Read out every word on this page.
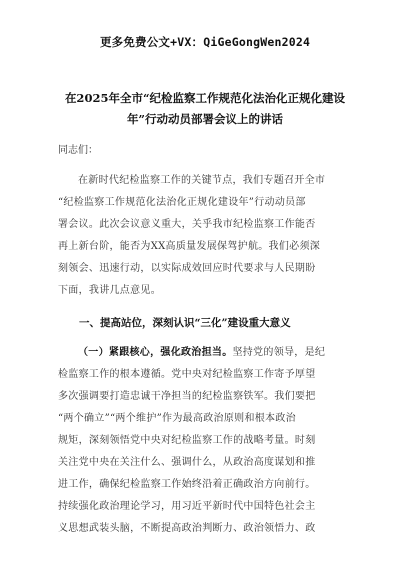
更多免费公文+VX：QiGeGongWen2024
在2025年全市“纪检监察工作规范化法治化正规化建设
年”行动动员部署会议上的讲话
同志们：
在新时代纪检监察工作的关键节点，我们专题召开全市
“纪检监察工作规范化法治化正规化建设年”行动动员部
署会议。此次会议意义重大，关乎我市纪检监察工作能否
再上新台阶，能否为XX高质量发展保驾护航。我们必须深
刻领会、迅速行动，以实际成效回应时代要求与人民期盼
下面，我讲几点意见。
一、提高站位，深刻认识“三化”建设重大意义
（一）紧跟核心，强化政治担当。坚持党的领导，是纪
检监察工作的根本遵循。党中央对纪检监察工作寄予厚望
多次强调要打造忠诚干净担当的纪检监察铁军。我们要把
“两个确立”“两个维护”作为最高政治原则和根本政治
规矩，深刻领悟党中央对纪检监察工作的战略考量。时刻
关注党中央在关注什么、强调什么，从政治高度谋划和推
进工作，确保纪检监察工作始终沿着正确政治方向前行。
持续强化政治理论学习，用习近平新时代中国特色社会主
义思想武装头脑，不断提高政治判断力、政治领悟力、政
